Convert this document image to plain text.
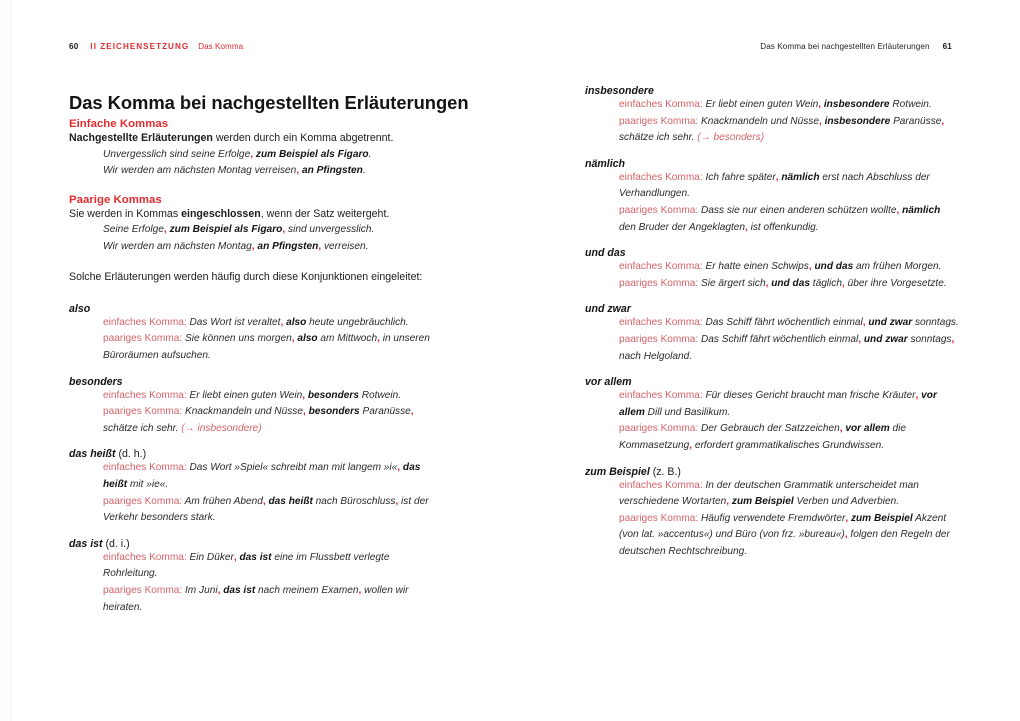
60 II ZEICHENSETZUNG Das Komma	Das Komma bei nachgestellten Erläuterungen 61
Das Komma bei nachgestellten Erläuterungen
Einfache Kommas
Nachgestellte Erläuterungen werden durch ein Komma abgetrennt.
Unvergesslich sind seine Erfolge, zum Beispiel als Figaro.
Wir werden am nächsten Montag verreisen, an Pfingsten.
Paarige Kommas
Sie werden in Kommas eingeschlossen, wenn der Satz weitergeht.
Seine Erfolge, zum Beispiel als Figaro, sind unvergesslich.
Wir werden am nächsten Montag, an Pfingsten, verreisen.
Solche Erläuterungen werden häufig durch diese Konjunktionen eingeleitet:
also
einfaches Komma: Das Wort ist veraltet, also heute ungebräuchlich.
paariges Komma: Sie können uns morgen, also am Mittwoch, in unseren Büroräumen aufsuchen.
besonders
einfaches Komma: Er liebt einen guten Wein, besonders Rotwein.
paariges Komma: Knackmandeln und Nüsse, besonders Paranüsse, schätze ich sehr. (→ insbesondere)
das heißt (d. h.)
einfaches Komma: Das Wort »Spiel« schreibt man mit langem »i«, das heißt mit »ie«.
paariges Komma: Am frühen Abend, das heißt nach Büroschluss, ist der Verkehr besonders stark.
das ist (d. i.)
einfaches Komma: Ein Düker, das ist eine im Flussbett verlegte Rohrleitung.
paariges Komma: Im Juni, das ist nach meinem Examen, wollen wir heiraten.
insbesondere
einfaches Komma: Er liebt einen guten Wein, insbesondere Rotwein.
paariges Komma: Knackmandeln und Nüsse, insbesondere Paranüsse, schätze ich sehr. (→ besonders)
nämlich
einfaches Komma: Ich fahre später, nämlich erst nach Abschluss der Verhandlungen.
paariges Komma: Dass sie nur einen anderen schützen wollte, nämlich den Bruder der Angeklagten, ist offenkundig.
und das
einfaches Komma: Er hatte einen Schwips, und das am frühen Morgen.
paariges Komma: Sie ärgert sich, und das täglich, über ihre Vorgesetzte.
und zwar
einfaches Komma: Das Schiff fährt wöchentlich einmal, und zwar sonntags.
paariges Komma: Das Schiff fährt wöchentlich einmal, und zwar sonntags, nach Helgoland.
vor allem
einfaches Komma: Für dieses Gericht braucht man frische Kräuter, vor allem Dill und Basilikum.
paariges Komma: Der Gebrauch der Satzzeichen, vor allem die Kommasetzung, erfordert grammatikalisches Grundwissen.
zum Beispiel (z. B.)
einfaches Komma: In der deutschen Grammatik unterscheidet man verschiedene Wortarten, zum Beispiel Verben und Adverbien.
paariges Komma: Häufig verwendete Fremdwörter, zum Beispiel Akzent (von lat. »accentus«) und Büro (von frz. »bureau«), folgen den Regeln der deutschen Rechtschreibung.
